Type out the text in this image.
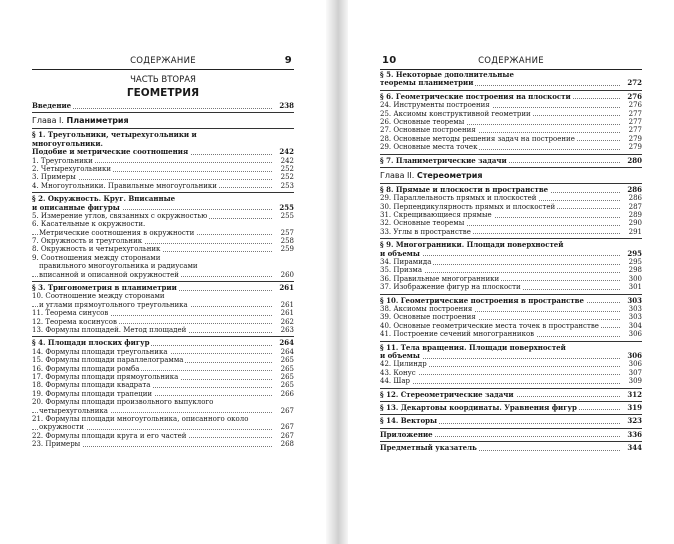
СОДЕРЖАНИЕ	9
ЧАСТЬ ВТОРАЯ
ГЕОМЕТРИЯ
Введение	238
Глава I. Планиметрия
§ 1. Треугольники, четырехугольники и
многоугольники.
Подобие и метрические соотношения	242
1. Треугольники	242
2. Четырехугольники	252
3. Примеры	252
4. Многоугольники. Правильные многоугольники	253
§ 2. Окружность. Круг. Вписанные
и описанные фигуры	255
5. Измерение углов, связанных с окружностью	255
6. Касательные к окружности.
Метрические соотношения в окружности	257
7. Окружность и треугольник	258
8. Окружность и четырехугольник	259
9. Соотношения между сторонами
правильного многоугольника и радиусами
вписанной и описанной окружностей	260
§ 3. Тригонометрия в планиметрии	261
10. Соотношение между сторонами
и углами прямоугольного треугольника	261
11. Теорема синусов	261
12. Теорема косинусов	262
13. Формулы площадей. Метод площадей	263
§ 4. Площади плоских фигур	264
14. Формулы площади треугольника	264
15. Формулы площади параллелограмма	265
16. Формулы площади ромба	265
17. Формулы площади прямоугольника	265
18. Формулы площади квадрата	265
19. Формулы площади трапеции	266
20. Формулы площади произвольного выпуклого
четырехугольника	267
21. Формулы площади многоугольника, описанного около
окружности	267
22. Формулы площади круга и его частей	267
23. Примеры	268
СОДЕРЖАНИЕ
10
§ 5. Некоторые дополнительные
теоремы планиметрии	272
§ 6. Геометрические построения на плоскости	276
24. Инструменты построения	276
25. Аксиомы конструктивной геометрии	277
26. Основные теоремы	277
27. Основные построения	277
28. Основные методы решения задач на построение	279
29. Основные места точек	279
§ 7. Планиметрические задачи	280
Глава II. Стереометрия
§ 8. Прямые и плоскости в пространстве	286
29. Параллельность прямых и плоскостей	286
30. Перпендикулярность прямых и плоскостей	287
31. Скрещивающиеся прямые	289
32. Основные теоремы	290
33. Углы в пространстве	291
§ 9. Многогранники. Площади поверхностей
и объемы	295
34. Пирамида	295
35. Призма	298
36. Правильные многогранники	300
37. Изображение фигур на плоскости	301
§ 10. Геометрические построения в пространстве	303
38. Аксиомы построения	303
39. Основные построения	303
40. Основные геометрические места точек в пространстве	304
41. Построение сечений многогранников	306
§ 11. Тела вращения. Площади поверхностей
и объемы	306
42. Цилиндр	306
43. Конус	307
44. Шар	309
§ 12. Стереометрические задачи	312
§ 13. Декартовы координаты. Уравнения фигур	319
§ 14. Векторы	323
Приложение	336
Предметный указатель	344
